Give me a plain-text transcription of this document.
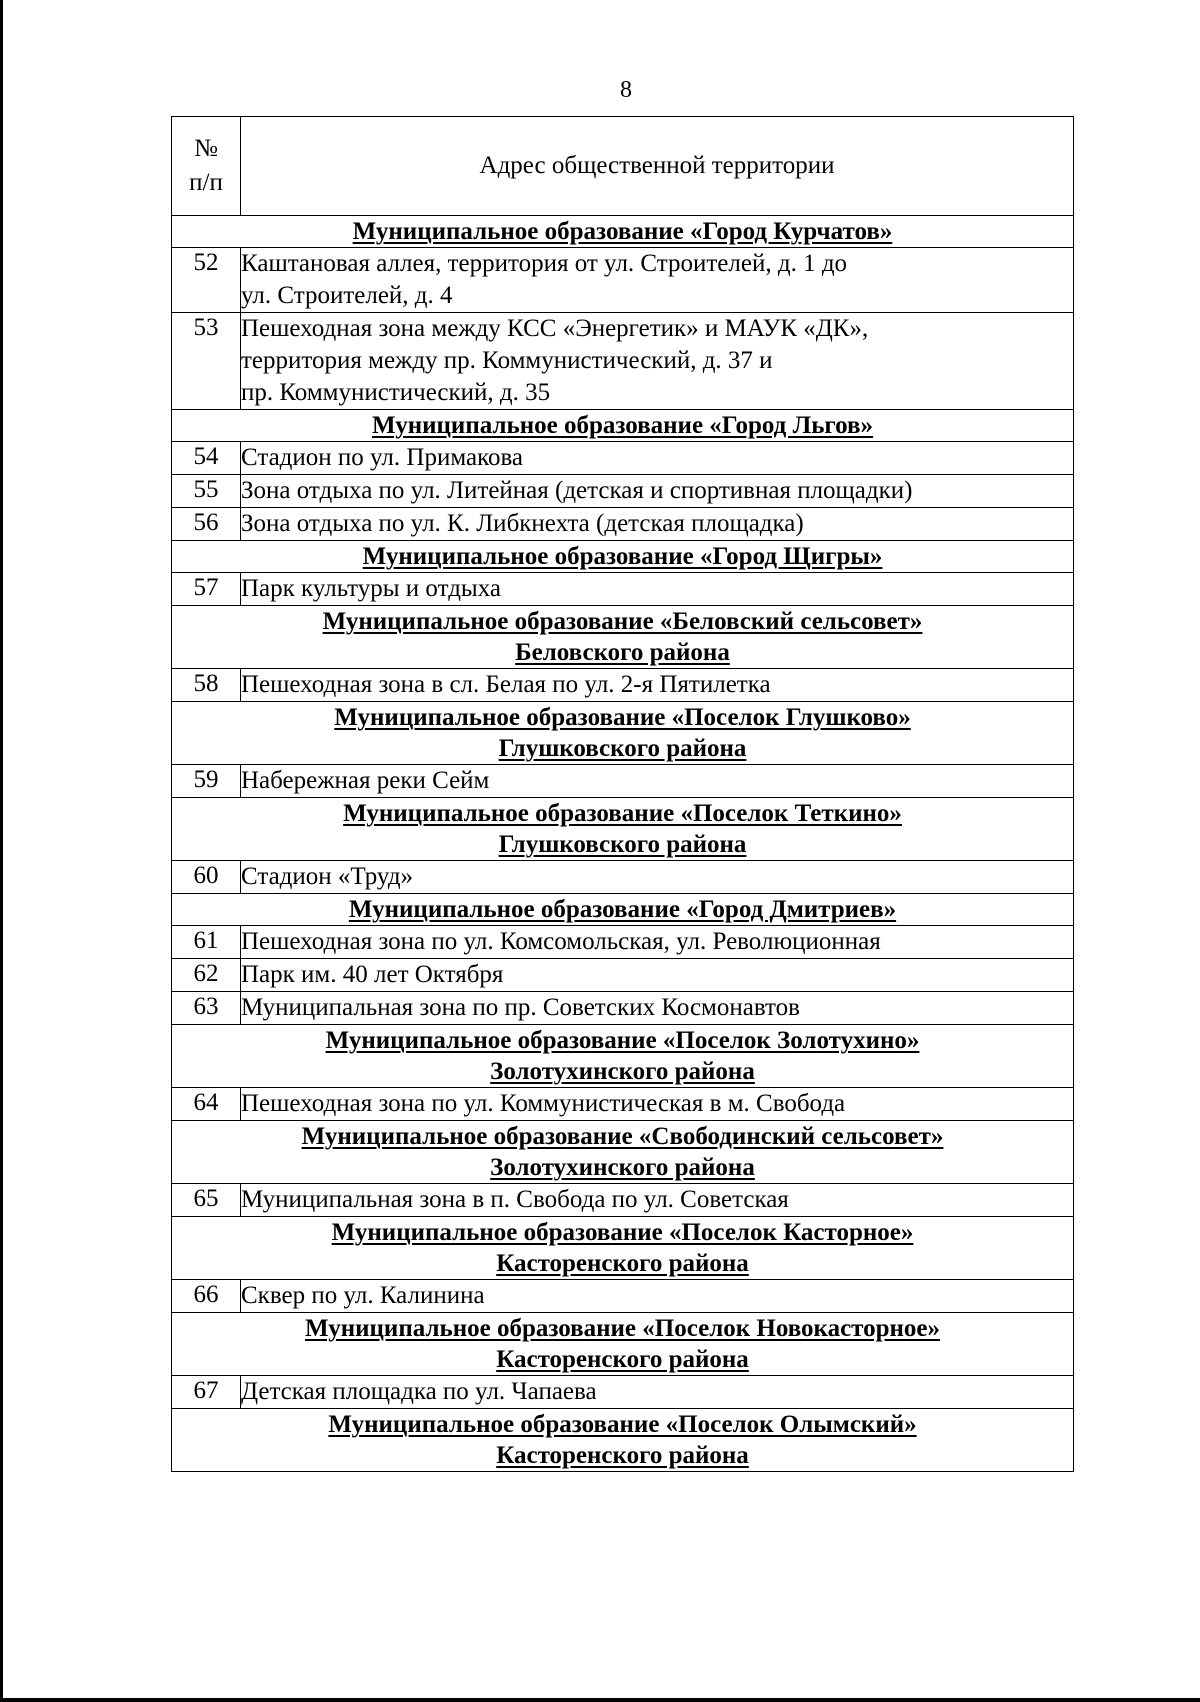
8
№
п/п	Адрес общественной территории

Муниципальное образование «Город Курчатов»	

52	Каштановая аллея, территория от ул. Строителей, д. 1 до
ул. Строителей, д. 4

53	Пешеходная зона между КСС «Энергетик» и МАУК «ДК»,
территория между пр. Коммунистический, д. 37 и
пр. Коммунистический, д. 35

Муниципальное образование «Город Льгов»	

54	Стадион по ул. Примакова

55	Зона отдыха по ул. Литейная (детская и спортивная площадки)

56	Зона отдыха по ул. К. Либкнехта (детская площадка)

Муниципальное образование «Город Щигры»	

57	Парк культуры и отдыха

Муниципальное образование «Беловский сельсовет»
Беловского района	

58	Пешеходная зона в сл. Белая по ул. 2-я Пятилетка

Муниципальное образование «Поселок Глушково»
Глушковского района	

59	Набережная реки Сейм

Муниципальное образование «Поселок Теткино»
Глушковского района	

60	Стадион «Труд»

Муниципальное образование «Город Дмитриев»	

61	Пешеходная зона по ул. Комсомольская, ул. Революционная

62	Парк им. 40 лет Октября

63	Муниципальная зона по пр. Советских Космонавтов

Муниципальное образование «Поселок Золотухино»
Золотухинского района	

64	Пешеходная зона по ул. Коммунистическая в м. Свобода

Муниципальное образование «Свободинский сельсовет»
Золотухинского района	

65	Муниципальная зона в п. Свобода по ул. Советская

Муниципальное образование «Поселок Касторное»
Касторенского района	

66	Сквер по ул. Калинина

Муниципальное образование «Поселок Новокасторное»
Касторенского района	

67	Детская площадка по ул. Чапаева

Муниципальное образование «Поселок Олымский»
Касторенского района	
